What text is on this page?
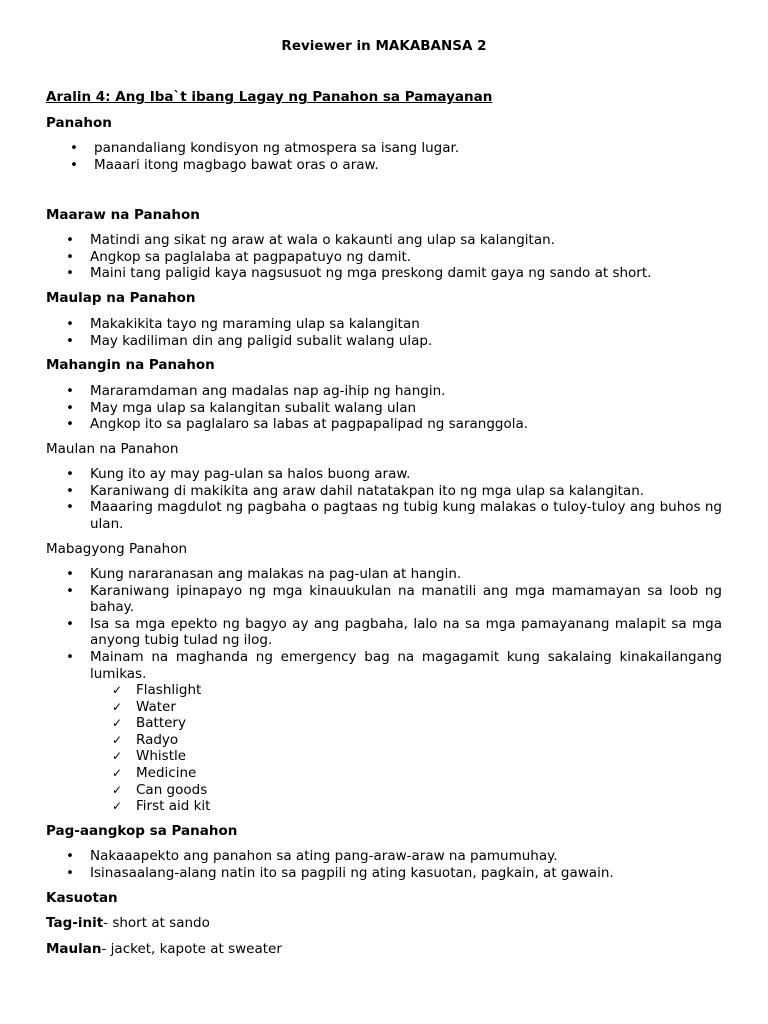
Reviewer in MAKABANSA 2
Aralin 4: Ang Iba`t ibang Lagay ng Panahon sa Pamayanan
Panahon
• panandaliang kondisyon ng atmospera sa isang lugar.
• Maaari itong magbago bawat oras o araw.
Maaraw na Panahon
• Matindi ang sikat ng araw at wala o kakaunti ang ulap sa kalangitan.
• Angkop sa paglalaba at pagpapatuyo ng damit.
• Maini tang paligid kaya nagsusuot ng mga preskong damit gaya ng sando at short.
Maulap na Panahon
• Makakikita tayo ng maraming ulap sa kalangitan
• May kadiliman din ang paligid subalit walang ulap.
Mahangin na Panahon
• Mararamdaman ang madalas nap ag-ihip ng hangin.
• May mga ulap sa kalangitan subalit walang ulan
• Angkop ito sa paglalaro sa labas at pagpapalipad ng saranggola.
Maulan na Panahon
• Kung ito ay may pag-ulan sa halos buong araw.
• Karaniwang di makikita ang araw dahil natatakpan ito ng mga ulap sa kalangitan.
• Maaaring magdulot ng pagbaha o pagtaas ng tubig kung malakas o tuloy-tuloy ang buhos ng ulan.
Mabagyong Panahon
• Kung nararanasan ang malakas na pag-ulan at hangin.
• Karaniwang ipinapayo ng mga kinauukulan na manatili ang mga mamamayan sa loob ng bahay.
• Isa sa mga epekto ng bagyo ay ang pagbaha, lalo na sa mga pamayanang malapit sa mga anyong tubig tulad ng ilog.
• Mainam na maghanda ng emergency bag na magagamit kung sakalaing kinakailangang lumikas.
✓ Flashlight
✓ Water
✓ Battery
✓ Radyo
✓ Whistle
✓ Medicine
✓ Can goods
✓ First aid kit
Pag-aangkop sa Panahon
• Nakaaapekto ang panahon sa ating pang-araw-araw na pamumuhay.
• Isinasaalang-alang natin ito sa pagpili ng ating kasuotan, pagkain, at gawain.
Kasuotan
Tag-init- short at sando
Maulan- jacket, kapote at sweater
